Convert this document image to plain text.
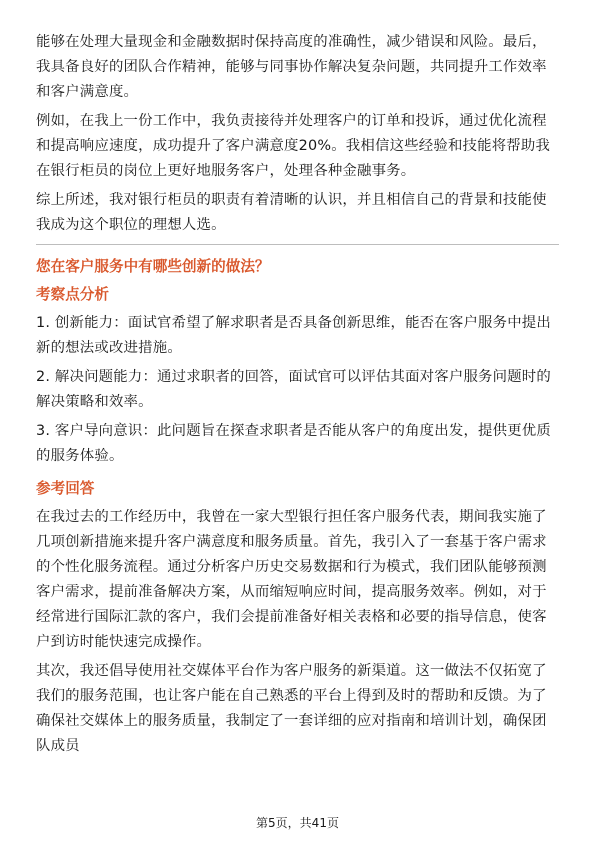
能够在处理大量现金和金融数据时保持高度的准确性，减少错误和风险。最后，我具备良好的团队合作精神，能够与同事协作解决复杂问题，共同提升工作效率和客户满意度。

例如，在我上一份工作中，我负责接待并处理客户的订单和投诉，通过优化流程和提高响应速度，成功提升了客户满意度20%。我相信这些经验和技能将帮助我在银行柜员的岗位上更好地服务客户，处理各种金融事务。

综上所述，我对银行柜员的职责有着清晰的认识，并且相信自己的背景和技能使我成为这个职位的理想人选。

您在客户服务中有哪些创新的做法？
考察点分析

1. 创新能力：面试官希望了解求职者是否具备创新思维，能否在客户服务中提出新的想法或改进措施。

2. 解决问题能力：通过求职者的回答，面试官可以评估其面对客户服务问题时的解决策略和效率。

3. 客户导向意识：此问题旨在探查求职者是否能从客户的角度出发，提供更优质的服务体验。

参考回答

在我过去的工作经历中，我曾在一家大型银行担任客户服务代表，期间我实施了几项创新措施来提升客户满意度和服务质量。首先，我引入了一套基于客户需求的个性化服务流程。通过分析客户历史交易数据和行为模式，我们团队能够预测客户需求，提前准备解决方案，从而缩短响应时间，提高服务效率。例如，对于经常进行国际汇款的客户，我们会提前准备好相关表格和必要的指导信息，使客户到访时能快速完成操作。

其次，我还倡导使用社交媒体平台作为客户服务的新渠道。这一做法不仅拓宽了我们的服务范围，也让客户能在自己熟悉的平台上得到及时的帮助和反馈。为了确保社交媒体上的服务质量，我制定了一套详细的应对指南和培训计划，确保团队成员

第5页，共41页
